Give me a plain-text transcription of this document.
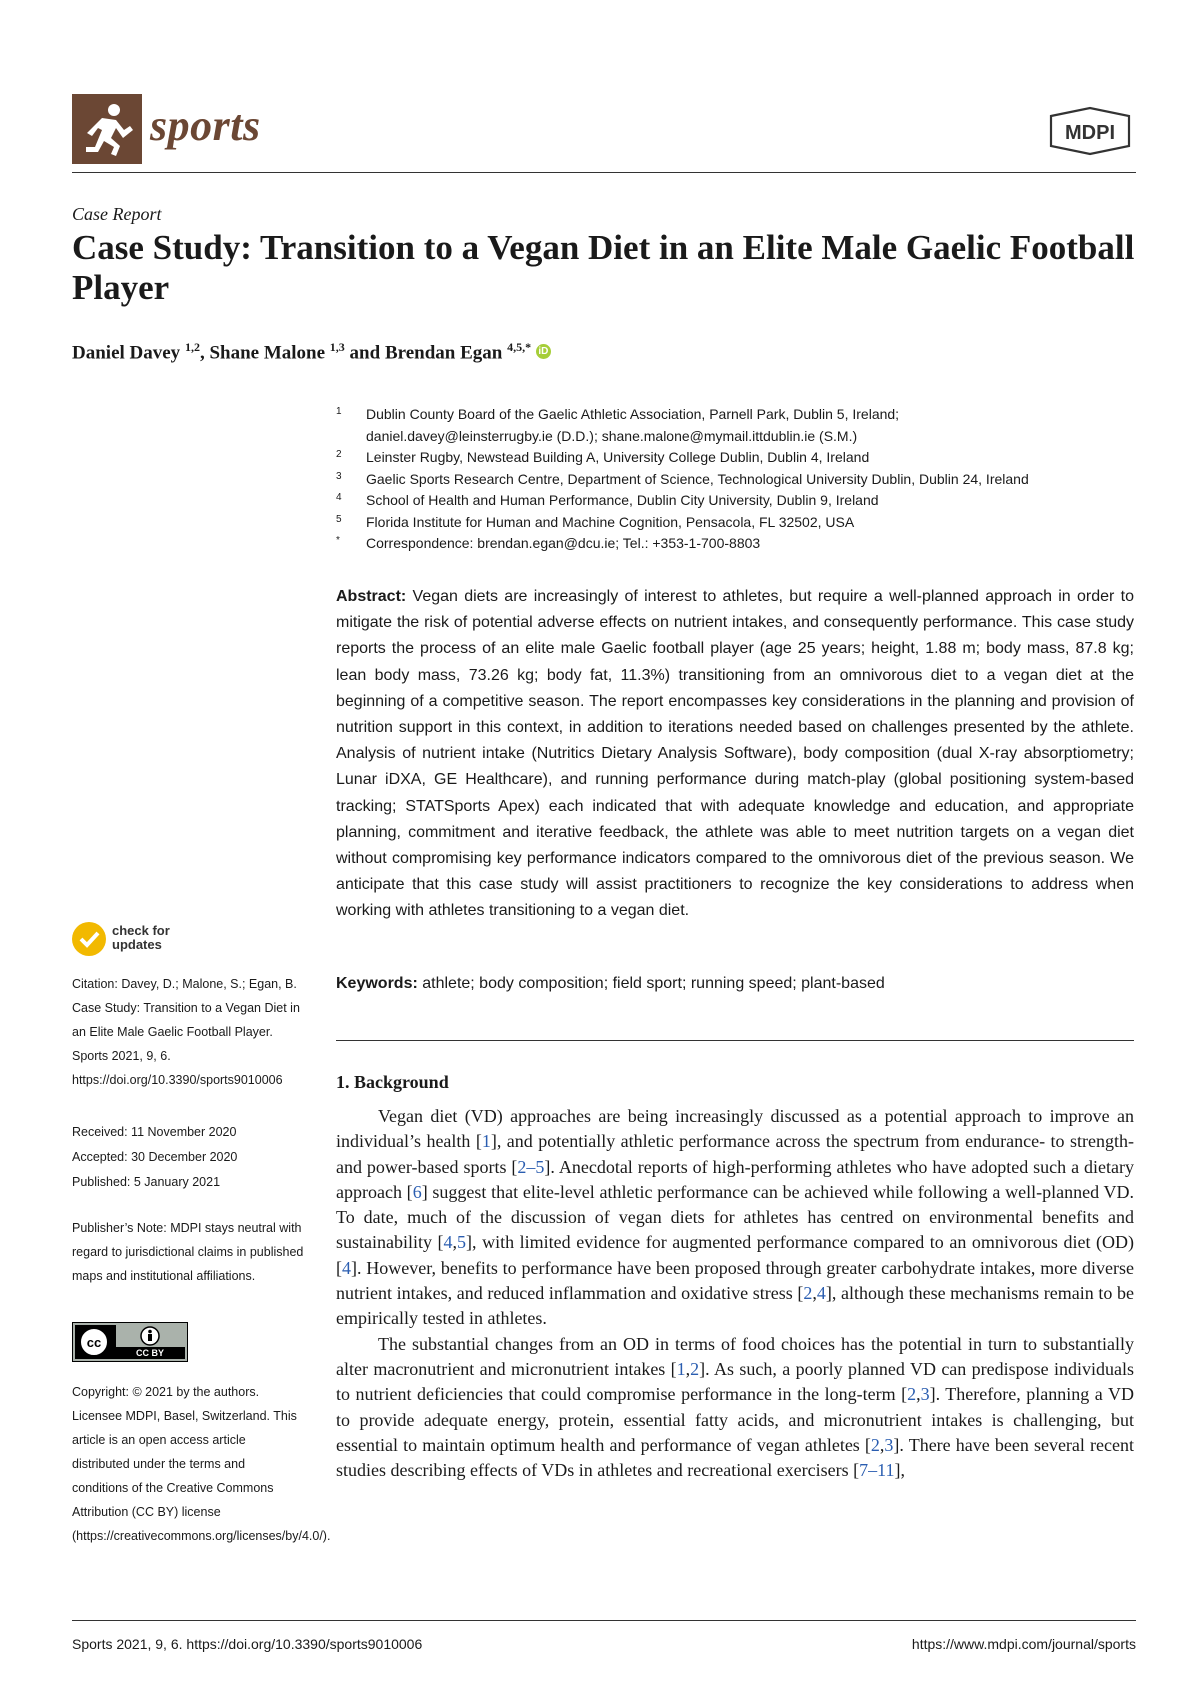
sports	MDPI
Case Report
Case Study: Transition to a Vegan Diet in an Elite Male Gaelic Football Player
Daniel Davey $^{1,2}$, Shane Malone $^{1,3}$ and Brendan Egan $^{4,5,*}$ iD
1 Dublin County Board of the Gaelic Athletic Association, Parnell Park, Dublin 5, Ireland;
daniel.davey@leinsterrugby.ie (D.D.); shane.malone@mymail.ittdublin.ie (S.M.)
2 Leinster Rugby, Newstead Building A, University College Dublin, Dublin 4, Ireland
3 Gaelic Sports Research Centre, Department of Science, Technological University Dublin, Dublin 24, Ireland
4 School of Health and Human Performance, Dublin City University, Dublin 9, Ireland
5 Florida Institute for Human and Machine Cognition, Pensacola, FL 32502, USA
* Correspondence: brendan.egan@dcu.ie; Tel.: +353-1-700-8803
Abstract: Vegan diets are increasingly of interest to athletes, but require a well-planned approach in order to mitigate the risk of potential adverse effects on nutrient intakes, and consequently performance. This case study reports the process of an elite male Gaelic football player (age 25 years; height, 1.88 m; body mass, 87.8 kg; lean body mass, 73.26 kg; body fat, 11.3%) transitioning from an omnivorous diet to a vegan diet at the beginning of a competitive season. The report encompasses key considerations in the planning and provision of nutrition support in this context, in addition to iterations needed based on challenges presented by the athlete. Analysis of nutrient intake (Nutritics Dietary Analysis Software), body composition (dual X-ray absorptiometry; Lunar iDXA, GE Healthcare), and running performance during match-play (global positioning system-based tracking; STATSports Apex) each indicated that with adequate knowledge and education, and appropriate planning, commitment and iterative feedback, the athlete was able to meet nutrition targets on a vegan diet without compromising key performance indicators compared to the omnivorous diet of the previous season. We anticipate that this case study will assist practitioners to recognize the key considerations to address when working with athletes transitioning to a vegan diet.
Keywords: athlete; body composition; field sport; running speed; plant-based
1. Background

Vegan diet (VD) approaches are being increasingly discussed as a potential approach to improve an individual’s health [1], and potentially athletic performance across the spectrum from endurance- to strength- and power-based sports [2–5]. Anecdotal reports of high-performing athletes who have adopted such a dietary approach [6] suggest that elite-level athletic performance can be achieved while following a well-planned VD. To date, much of the discussion of vegan diets for athletes has centred on environmental benefits and sustainability [4,5], with limited evidence for augmented performance compared to an omnivorous diet (OD) [4]. However, benefits to performance have been proposed through greater carbohydrate intakes, more diverse nutrient intakes, and reduced inflammation and oxidative stress [2,4], although these mechanisms remain to be empirically tested in athletes.

The substantial changes from an OD in terms of food choices has the potential in turn to substantially alter macronutrient and micronutrient intakes [1,2]. As such, a poorly planned VD can predispose individuals to nutrient deficiencies that could compromise performance in the long-term [2,3]. Therefore, planning a VD to provide adequate energy, protein, essential fatty acids, and micronutrient intakes is challenging, but essential to maintain optimum health and performance of vegan athletes [2,3]. There have been several recent studies describing effects of VDs in athletes and recreational exercisers [7–11],

check for updates
Citation: Davey, D.; Malone, S.; Egan, B. Case Study: Transition to a Vegan Diet in an Elite Male Gaelic Football Player. Sports 2021, 9, 6. https://doi.org/10.3390/sports9010006
Received: 11 November 2020
Accepted: 30 December 2020
Published: 5 January 2021
Publisher’s Note: MDPI stays neutral with regard to jurisdictional claims in published maps and institutional affiliations.
cc
CC BY
Copyright: © 2021 by the authors. Licensee MDPI, Basel, Switzerland. This article is an open access article distributed under the terms and conditions of the Creative Commons Attribution (CC BY) license (https://creativecommons.org/licenses/by/4.0/).
Sports 2021, 9, 6. https://doi.org/10.3390/sports9010006	https://www.mdpi.com/journal/sports
